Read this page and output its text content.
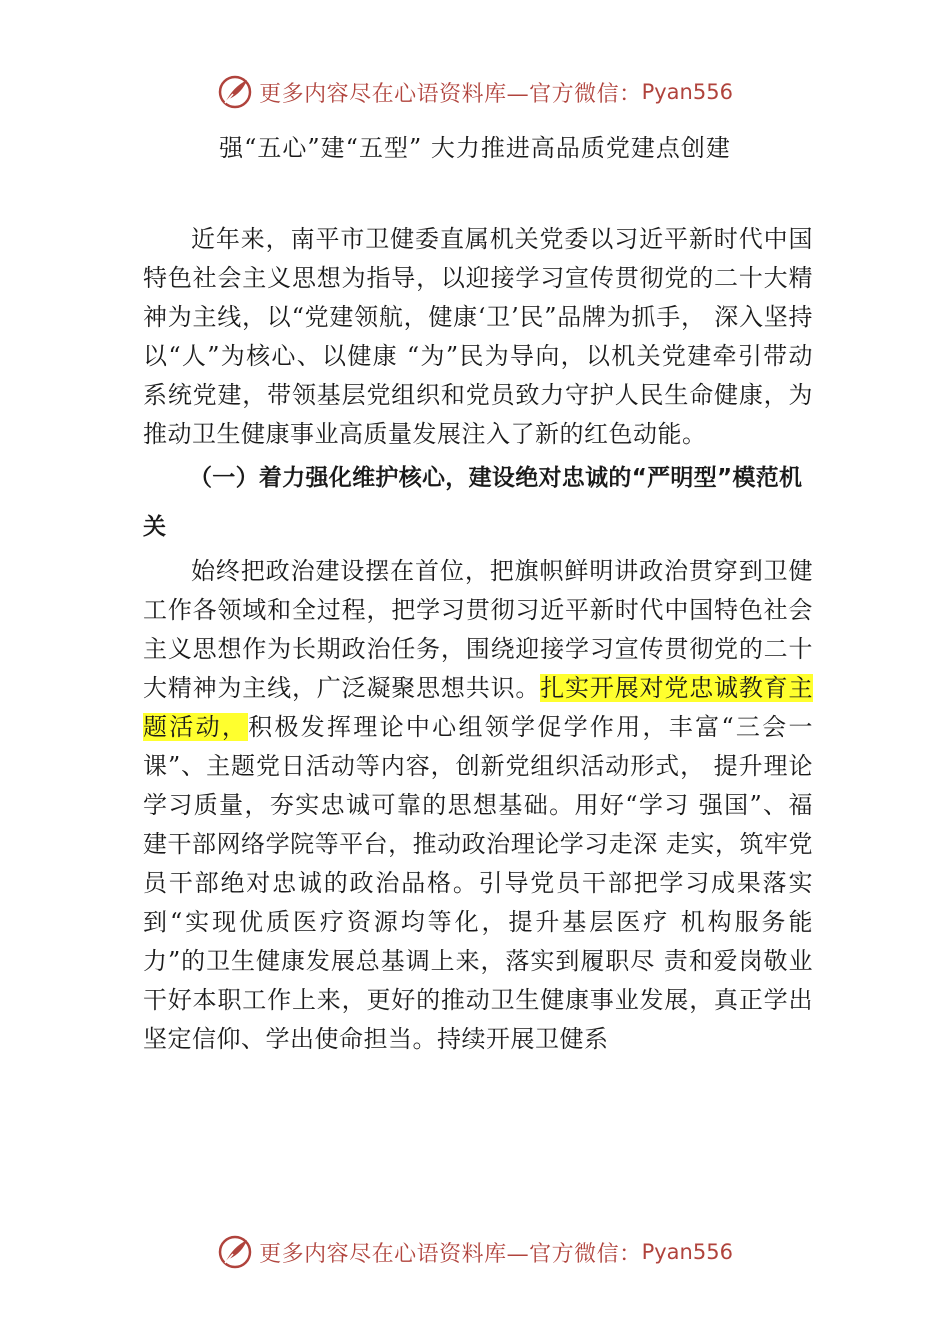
更多内容尽在心语资料库—官方微信： Pyan556
强“五心”建“五型” 大力推进高品质党建点创建

近年来，南平市卫健委直属机关党委以习近平新时代中国特色社会主义思想为指导，以迎接学习宣传贯彻党的二十大精神为主线，以“党建领航，健康‘卫’民”品牌为抓手， 深入坚持以“人”为核心、以健康 “为”民为导向，以机关党建牵引带动系统党建，带领基层党组织和党员致力守护人民生命健康，为推动卫生健康事业高质量发展注入了新的红色动能。

（一）着力强化维护核心，建设绝对忠诚的“严明型”模范机关

始终把政治建设摆在首位，把旗帜鲜明讲政治贯穿到卫健工作各领域和全过程，把学习贯彻习近平新时代中国特色社会主义思想作为长期政治任务，围绕迎接学习宣传贯彻党的二十大精神为主线，广泛凝聚思想共识。扎实开展对党忠诚教育主题活动，积极发挥理论中心组领学促学作用，丰富“三会一课”、主题党日活动等内容，创新党组织活动形式， 提升理论学习质量，夯实忠诚可靠的思想基础。用好“学习 强国”、福建干部网络学院等平台，推动政治理论学习走深 走实，筑牢党员干部绝对忠诚的政治品格。引导党员干部把学习成果落实到“实现优质医疗资源均等化，提升基层医疗 机构服务能力”的卫生健康发展总基调上来，落实到履职尽 责和爱岗敬业干好本职工作上来，更好的推动卫生健康事业发展，真正学出坚定信仰、学出使命担当。持续开展卫健系

更多内容尽在心语资料库—官方微信： Pyan556
